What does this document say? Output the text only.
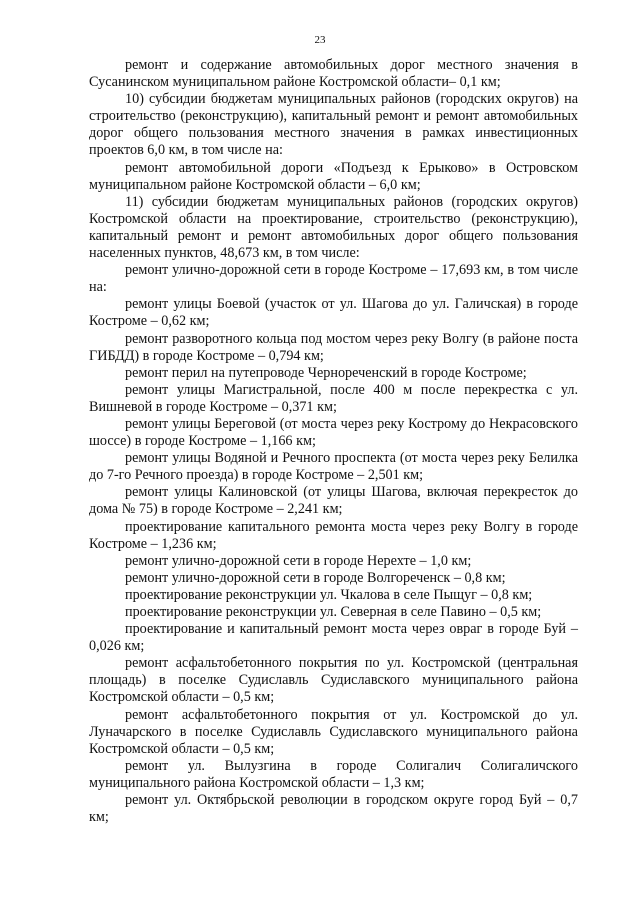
23

ремонт и содержание автомобильных дорог местного значения в Сусанинском муниципальном районе Костромской области– 0,1 км;

10) субсидии бюджетам муниципальных районов (городских округов) на строительство (реконструкцию), капитальный ремонт и ремонт автомобильных дорог общего пользования местного значения в рамках инвестиционных проектов 6,0 км, в том числе на:

ремонт автомобильной дороги «Подъезд к Ерыково» в Островском муниципальном районе Костромской области – 6,0 км;

11) субсидии бюджетам муниципальных районов (городских округов) Костромской области на проектирование, строительство (реконструкцию), капитальный ремонт и ремонт автомобильных дорог общего пользования населенных пунктов, 48,673 км, в том числе:

ремонт улично-дорожной сети в городе Костроме – 17,693 км, в том числе на:

ремонт улицы Боевой (участок от ул. Шагова до ул. Галичская) в городе Костроме – 0,62 км;

ремонт разворотного кольца под мостом через реку Волгу (в районе поста ГИБДД) в городе Костроме – 0,794 км;

ремонт перил на путепроводе Чернореченский в городе Костроме;

ремонт улицы Магистральной, после 400 м после перекрестка с ул. Вишневой в городе Костроме – 0,371 км;

ремонт улицы Береговой (от моста через реку Кострому до Некрасовского шоссе) в городе Костроме – 1,166 км;

ремонт улицы Водяной и Речного проспекта (от моста через реку Белилка до 7-го Речного проезда) в городе Костроме – 2,501 км;

ремонт улицы Калиновской (от улицы Шагова, включая перекресток до дома № 75) в городе Костроме – 2,241 км;

проектирование капитального ремонта моста через реку Волгу в городе Костроме – 1,236 км;

ремонт улично-дорожной сети в городе Нерехте – 1,0 км;

ремонт улично-дорожной сети в городе Волгореченск – 0,8 км;

проектирование реконструкции ул. Чкалова в селе Пыщуг – 0,8 км;

проектирование реконструкции ул. Северная в селе Павино – 0,5 км;

проектирование и капитальный ремонт моста через овраг в городе Буй – 0,026 км;

ремонт асфальтобетонного покрытия по ул. Костромской (центральная площадь) в поселке Судиславль Судиславского муниципального района Костромской области – 0,5 км;

ремонт асфальтобетонного покрытия от ул. Костромской до ул. Луначарского в поселке Судиславль Судиславского муниципального района Костромской области – 0,5 км;

ремонт ул. Вылузгина в городе Солигалич Солигаличского муниципального района Костромской области – 1,3 км;

ремонт ул. Октябрьской революции в городском округе город Буй – 0,7 км;
